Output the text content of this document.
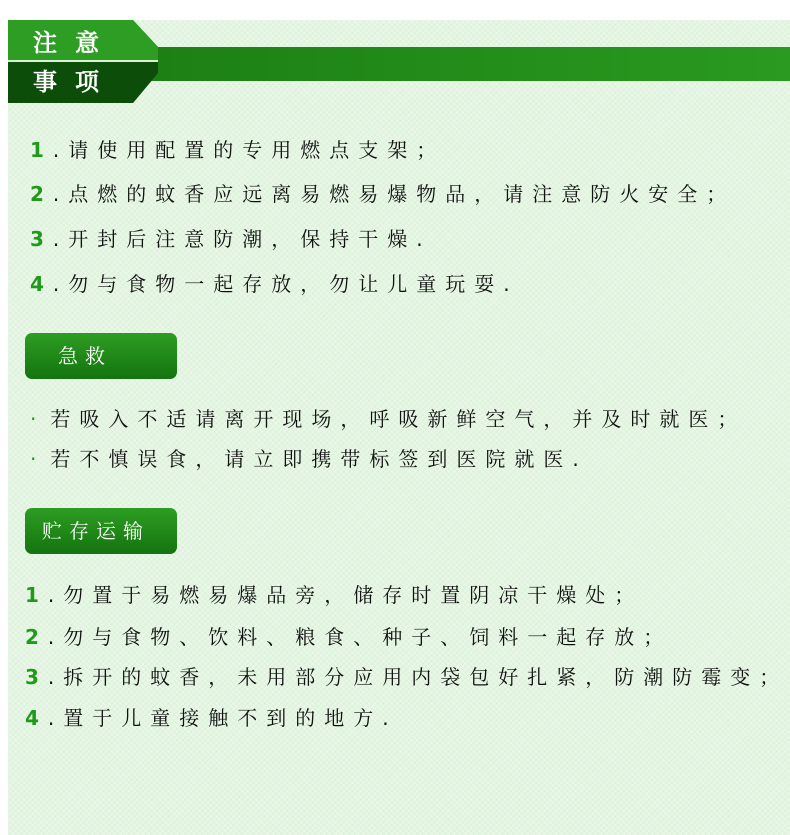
注意
事项
1.请使用配置的专用燃点支架；
2.点燃的蚊香应远离易燃易爆物品，请注意防火安全；
3.开封后注意防潮，保持干燥.
4.勿与食物一起存放，勿让儿童玩耍.
急救
· 若吸入不适请离开现场，呼吸新鲜空气，并及时就医；
· 若不慎误食，请立即携带标签到医院就医.
贮存运输
1.勿置于易燃易爆品旁，储存时置阴凉干燥处；
2.勿与食物、饮料、粮食、种子、饲料一起存放；
3.拆开的蚊香，未用部分应用内袋包好扎紧，防潮防霉变；
4.置于儿童接触不到的地方.
